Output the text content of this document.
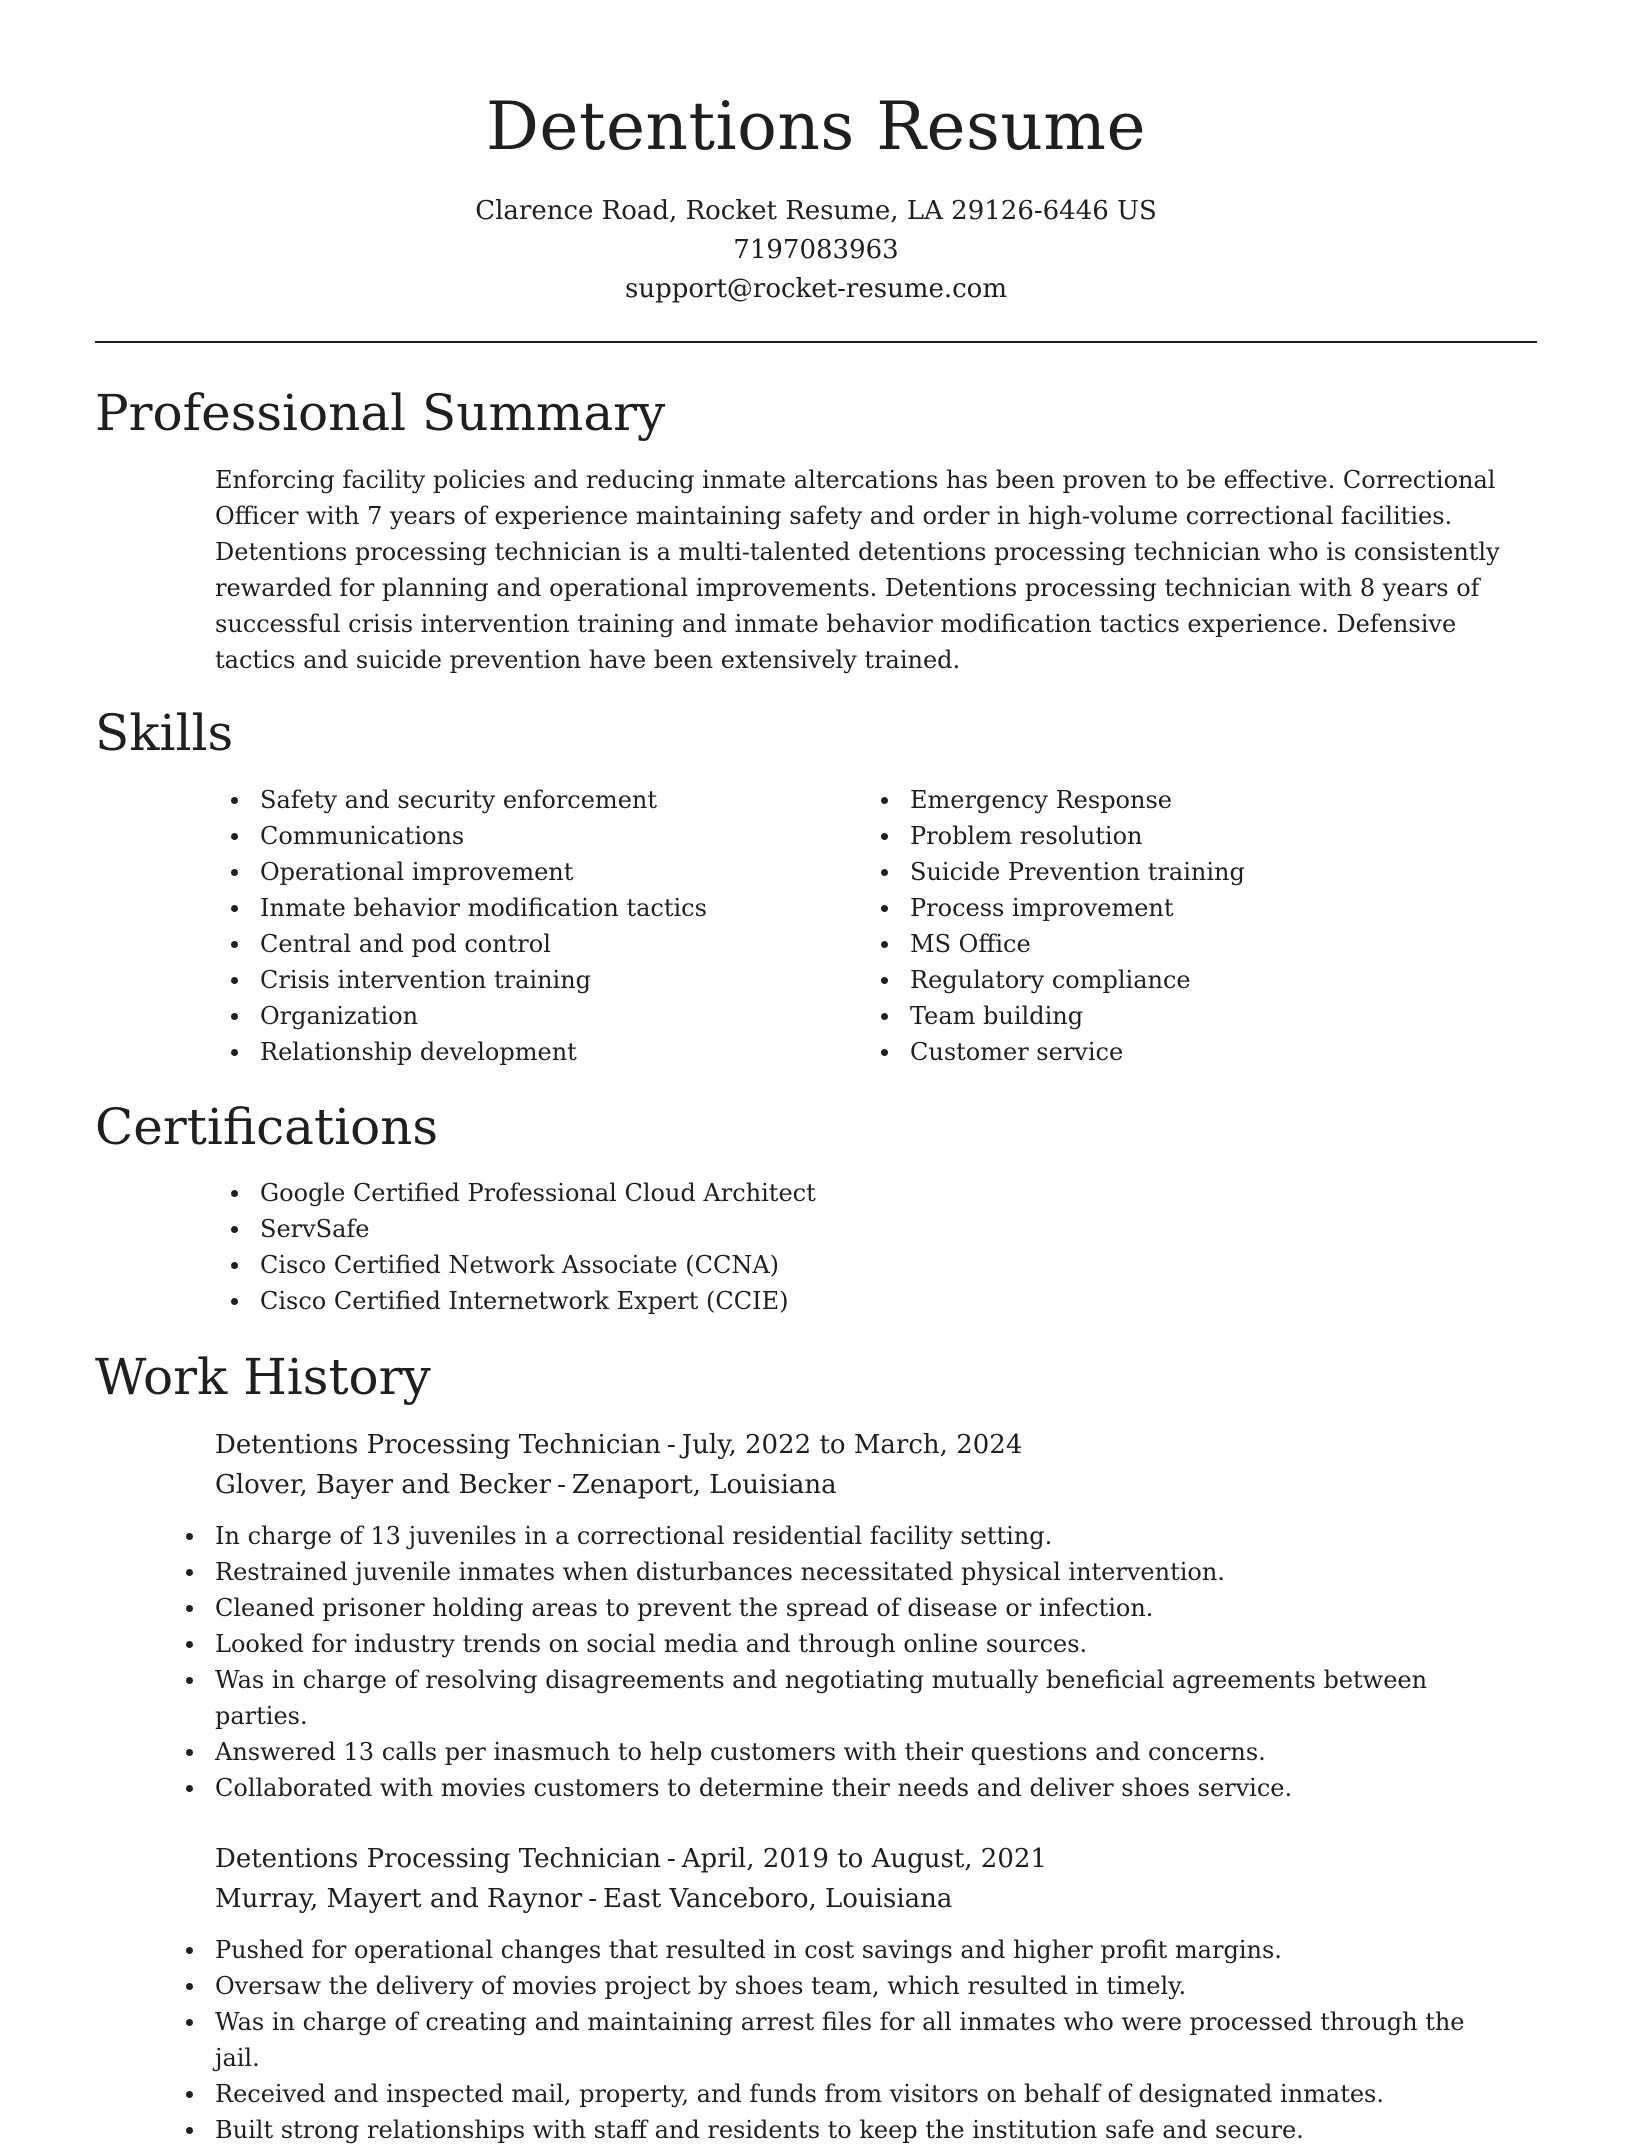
Detentions Resume
Clarence Road, Rocket Resume, LA 29126-6446 US
7197083963
support@rocket-resume.com
Professional Summary
Enforcing facility policies and reducing inmate altercations has been proven to be effective. Correctional Officer with 7 years of experience maintaining safety and order in high-volume correctional facilities. Detentions processing technician is a multi-talented detentions processing technician who is consistently rewarded for planning and operational improvements. Detentions processing technician with 8 years of successful crisis intervention training and inmate behavior modification tactics experience. Defensive tactics and suicide prevention have been extensively trained.
Skills
Safety and security enforcement
Communications
Operational improvement
Inmate behavior modification tactics
Central and pod control
Crisis intervention training
Organization
Relationship development
Emergency Response
Problem resolution
Suicide Prevention training
Process improvement
MS Office
Regulatory compliance
Team building
Customer service
Certifications
Google Certified Professional Cloud Architect
ServSafe
Cisco Certified Network Associate (CCNA)
Cisco Certified Internetwork Expert (CCIE)
Work History
Detentions Processing Technician - July, 2022 to March, 2024
Glover, Bayer and Becker - Zenaport, Louisiana
In charge of 13 juveniles in a correctional residential facility setting.
Restrained juvenile inmates when disturbances necessitated physical intervention.
Cleaned prisoner holding areas to prevent the spread of disease or infection.
Looked for industry trends on social media and through online sources.
Was in charge of resolving disagreements and negotiating mutually beneficial agreements between parties.
Answered 13 calls per inasmuch to help customers with their questions and concerns.
Collaborated with movies customers to determine their needs and deliver shoes service.
Detentions Processing Technician - April, 2019 to August, 2021
Murray, Mayert and Raynor - East Vanceboro, Louisiana
Pushed for operational changes that resulted in cost savings and higher profit margins.
Oversaw the delivery of movies project by shoes team, which resulted in timely.
Was in charge of creating and maintaining arrest files for all inmates who were processed through the jail.
Received and inspected mail, property, and funds from visitors on behalf of designated inmates.
Built strong relationships with staff and residents to keep the institution safe and secure.
